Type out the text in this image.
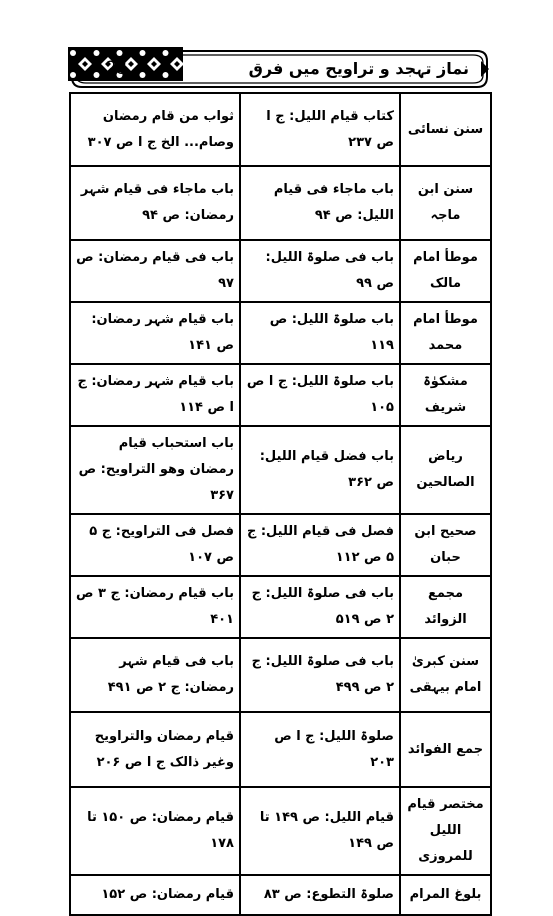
23	نماز تہجد و تراویح میں فرق
سنن نسائی	کتاب قیام اللیل: ج ا ص ۲۳۷	ثواب من قام رمضان وصام... الخ ج ا ص ۳۰۷
سنن ابن ماجہ	باب ماجاء فی قیام اللیل: ص ۹۴	باب ماجاء فی قیام شہر رمضان: ص ۹۴
موطأ امام مالک	باب فی صلوۃ اللیل: ص ۹۹	باب فی قیام رمضان: ص ۹۷
موطأ امام محمد	باب صلوۃ اللیل: ص ۱۱۹	باب قیام شہر رمضان: ص ۱۴۱
مشکوٰۃ شریف	باب صلوۃ اللیل: ج ا ص ۱۰۵	باب قیام شہر رمضان: ج ا ص ۱۱۴
ریاض الصالحین	باب فضل قیام اللیل: ص ۳۶۲	باب استحباب قیام رمضان وھو التراویح: ص ۳۶۷
صحیح ابن حبان	فصل فی قیام اللیل: ج ۵ ص ۱۱۲	فصل فی التراویح: ج ۵ ص ۱۰۷
مجمع الزوائد	باب فی صلوۃ اللیل: ج ۲ ص ۵۱۹	باب قیام رمضان: ج ۳ ص ۴۰۱
سنن کبریٰ امام بیہقی	باب فی صلوۃ اللیل: ج ۲ ص ۴۹۹	باب فی قیام شہر رمضان: ج ۲ ص ۴۹۱
جمع الفوائد	صلوۃ اللیل: ج ا ص ۲۰۳	قیام رمضان والتراویح وغیر ذالک ج ا ص ۲۰۶
مختصر قیام اللیل للمروزی	قیام اللیل: ص ۱۴۹ تا ص ۱۴۹	قیام رمضان: ص ۱۵۰ تا ۱۷۸
بلوغ المرام	صلوۃ التطوع: ص ۸۳	قیام رمضان: ص ۱۵۲
